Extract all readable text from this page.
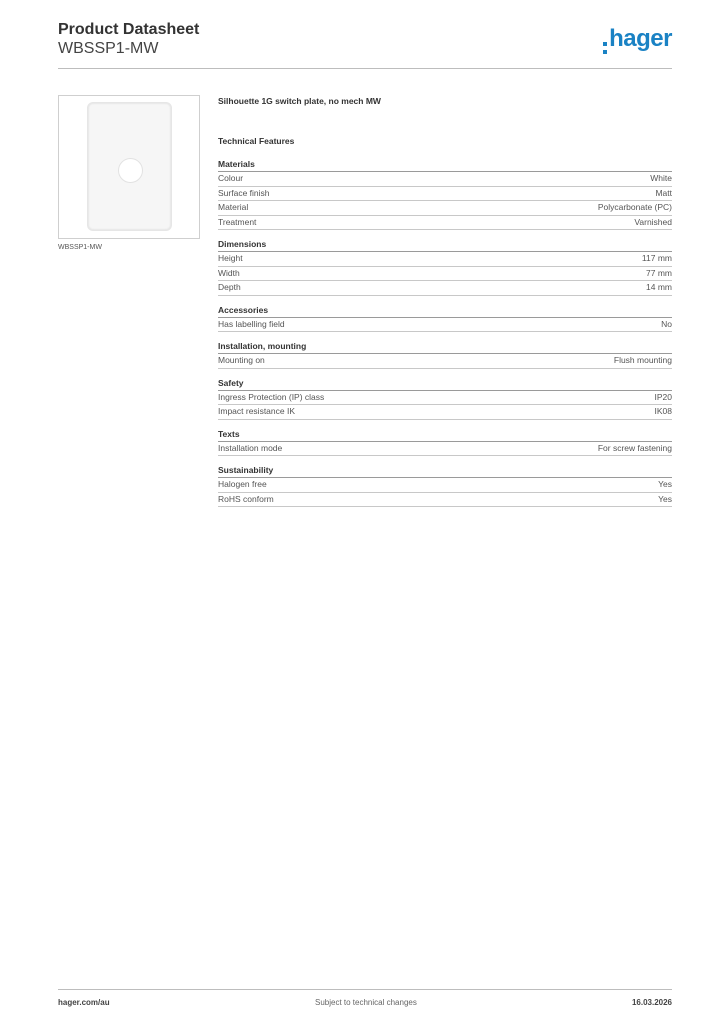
Product Datasheet
WBSSP1-MW	hager
WBSSP1-MW
Silhouette 1G switch plate, no mech MW
Technical Features
Materials
Colour	White
Surface finish	Matt
Material	Polycarbonate (PC)
Treatment	Varnished
Dimensions
Height	117 mm
Width	77 mm
Depth	14 mm
Accessories
Has labelling field	No
Installation, mounting
Mounting on	Flush mounting
Safety
Ingress Protection (IP) class	IP20
Impact resistance IK	IK08
Texts
Installation mode	For screw fastening
Sustainability
Halogen free	Yes
RoHS conform	Yes
hager.com/au	Subject to technical changes	16.03.2026
